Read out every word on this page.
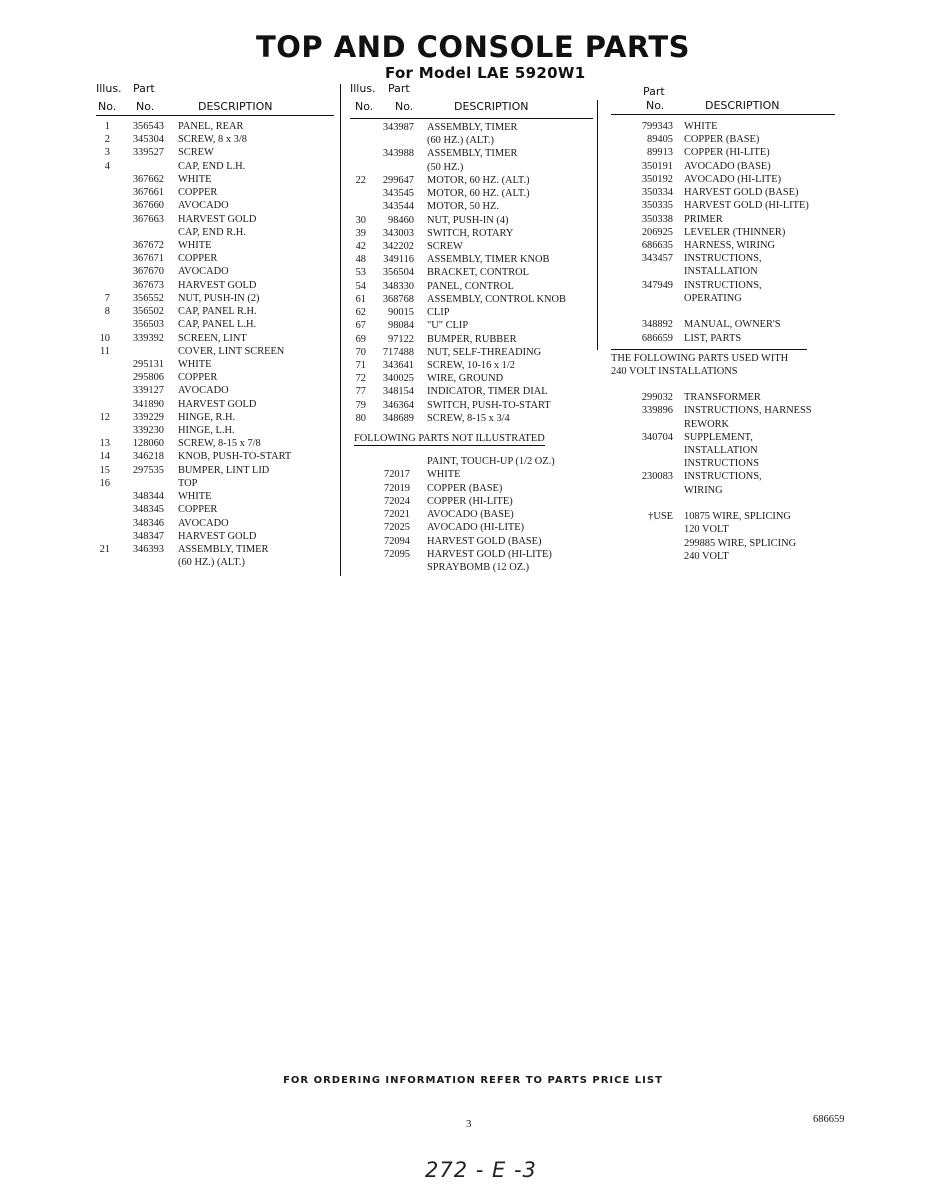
TOP AND CONSOLE PARTS
For Model LAE 5920W1
Illus. Part
No. No.	DESCRIPTION
1	356543 PANEL, REAR
2	345304 SCREW, 8 x 3/8
3	339527 SCREW
4	CAP, END L.H.
367662 WHITE
367661 COPPER
367660 AVOCADO
367663 HARVEST GOLD
CAP, END R.H.
367672 WHITE
367671 COPPER
367670 AVOCADO
367673 HARVEST GOLD
7	356552 NUT, PUSH-IN (2)
8	356502 CAP, PANEL R.H.
356503 CAP, PANEL L.H.
10	339392 SCREEN, LINT
11	COVER, LINT SCREEN
295131 WHITE
295806 COPPER
339127 AVOCADO
341890 HARVEST GOLD
12	339229 HINGE, R.H.
339230 HINGE, L.H.
13	128060 SCREW, 8-15 x 7/8
14	346218 KNOB, PUSH-TO-START
15	297535 BUMPER, LINT LID
16	TOP
348344 WHITE
348345 COPPER
348346 AVOCADO
348347 HARVEST GOLD
21	346393 ASSEMBLY, TIMER
(60 HZ.) (ALT.)
Illus. Part
No. No.	DESCRIPTION
343987 ASSEMBLY, TIMER
(60 HZ.) (ALT.)
343988 ASSEMBLY, TIMER
(50 HZ.)
22	299647 MOTOR, 60 HZ. (ALT.)
343545 MOTOR, 60 HZ. (ALT.)
343544 MOTOR, 50 HZ.
30	98460 NUT, PUSH-IN (4)
39	343003 SWITCH, ROTARY
42	342202 SCREW
48	349116 ASSEMBLY, TIMER KNOB
53	356504 BRACKET, CONTROL
54	348330 PANEL, CONTROL
61	368768 ASSEMBLY, CONTROL KNOB
62	90015 CLIP
67	98084 "U" CLIP
69	97122 BUMPER, RUBBER
70	717488 NUT, SELF-THREADING
71	343641 SCREW, 10-16 x 1/2
72	340025 WIRE, GROUND
77	348154 INDICATOR, TIMER DIAL
79	346364 SWITCH, PUSH-TO-START
80	348689 SCREW, 8-15 x 3/4
FOLLOWING PARTS NOT ILLUSTRATED
PAINT, TOUCH-UP (1/2 OZ.)
72017 WHITE
72019 COPPER (BASE)
72024 COPPER (HI-LITE)
72021 AVOCADO (BASE)
72025 AVOCADO (HI-LITE)
72094 HARVEST GOLD (BASE)
72095 HARVEST GOLD (HI-LITE)
SPRAYBOMB (12 OZ.)
Part
No.	DESCRIPTION
799343 WHITE
89405 COPPER (BASE)
89913 COPPER (HI-LITE)
350191 AVOCADO (BASE)
350192 AVOCADO (HI-LITE)
350334 HARVEST GOLD (BASE)
350335 HARVEST GOLD (HI-LITE)
350338 PRIMER
206925 LEVELER (THINNER)
686635 HARNESS, WIRING
343457 INSTRUCTIONS,
INSTALLATION
347949 INSTRUCTIONS,
OPERATING
348892 MANUAL, OWNER'S
686659 LIST, PARTS
THE FOLLOWING PARTS USED WITH
240 VOLT INSTALLATIONS
299032 TRANSFORMER
339896 INSTRUCTIONS, HARNESS
REWORK
340704 SUPPLEMENT,
INSTALLATION
INSTRUCTIONS
230083 INSTRUCTIONS,
WIRING
†USE 10875 WIRE, SPLICING
120 VOLT
299885 WIRE, SPLICING
240 VOLT
FOR ORDERING INFORMATION REFER TO PARTS PRICE LIST
3	686659
272 - E -3
